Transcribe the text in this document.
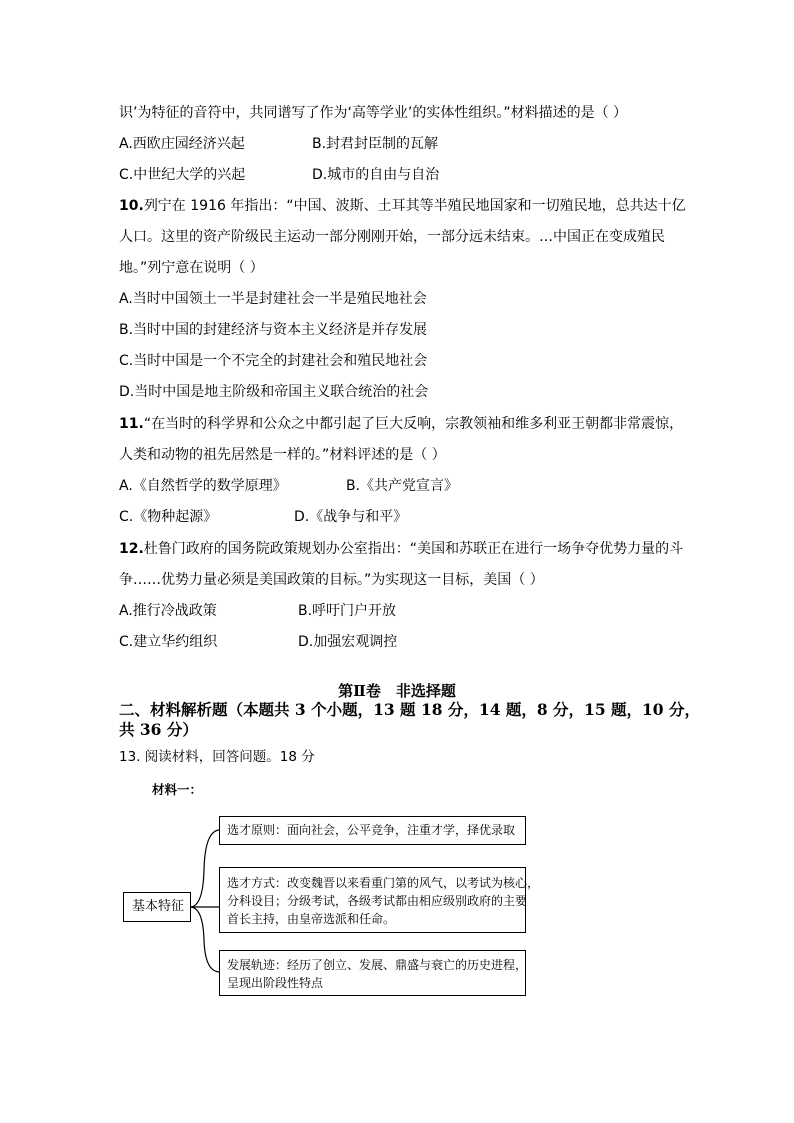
识’为特征的音符中，共同谱写了作为‘高等学业’的实体性组织。”材料描述的是（ ）
A.西欧庄园经济兴起	B.封君封臣制的瓦解
C.中世纪大学的兴起	D.城市的自由与自治
10.列宁在 1916 年指出：“中国、波斯、土耳其等半殖民地国家和一切殖民地，总共达十亿
人口。这里的资产阶级民主运动一部分刚刚开始，一部分远未结束。…中国正在变成殖民
地。”列宁意在说明（ ）
A.当时中国领土一半是封建社会一半是殖民地社会
B.当时中国的封建经济与资本主义经济是并存发展
C.当时中国是一个不完全的封建社会和殖民地社会
D.当时中国是地主阶级和帝国主义联合统治的社会
11.“在当时的科学界和公众之中都引起了巨大反响，宗教领袖和维多利亚王朝都非常震惊，
人类和动物的祖先居然是一样的。”材料评述的是（ ）
A.《自然哲学的数学原理》	B.《共产党宣言》
C.《物种起源》	D.《战争与和平》
12.杜鲁门政府的国务院政策规划办公室指出：“美国和苏联正在进行一场争夺优势力量的斗
争……优势力量必须是美国政策的目标。”为实现这一目标，美国（ ）
A.推行冷战政策	B.呼吁门户开放
C.建立华约组织	D.加强宏观调控
第Ⅱ卷　非选择题
二、材料解析题（本题共 3 个小题，13 题 18 分，14 题，8 分，15 题，10 分，
共 36 分）
13. 阅读材料，回答问题。18 分
材料一：
基本特征
选才原则：面向社会，公平竞争，注重才学，择优录取
选才方式：改变魏晋以来看重门第的风气，以考试为核心，
分科设目；分级考试，各级考试都由相应级别政府的主要
首长主持，由皇帝选派和任命。
发展轨迹：经历了创立、发展、鼎盛与衰亡的历史进程，
呈现出阶段性特点
